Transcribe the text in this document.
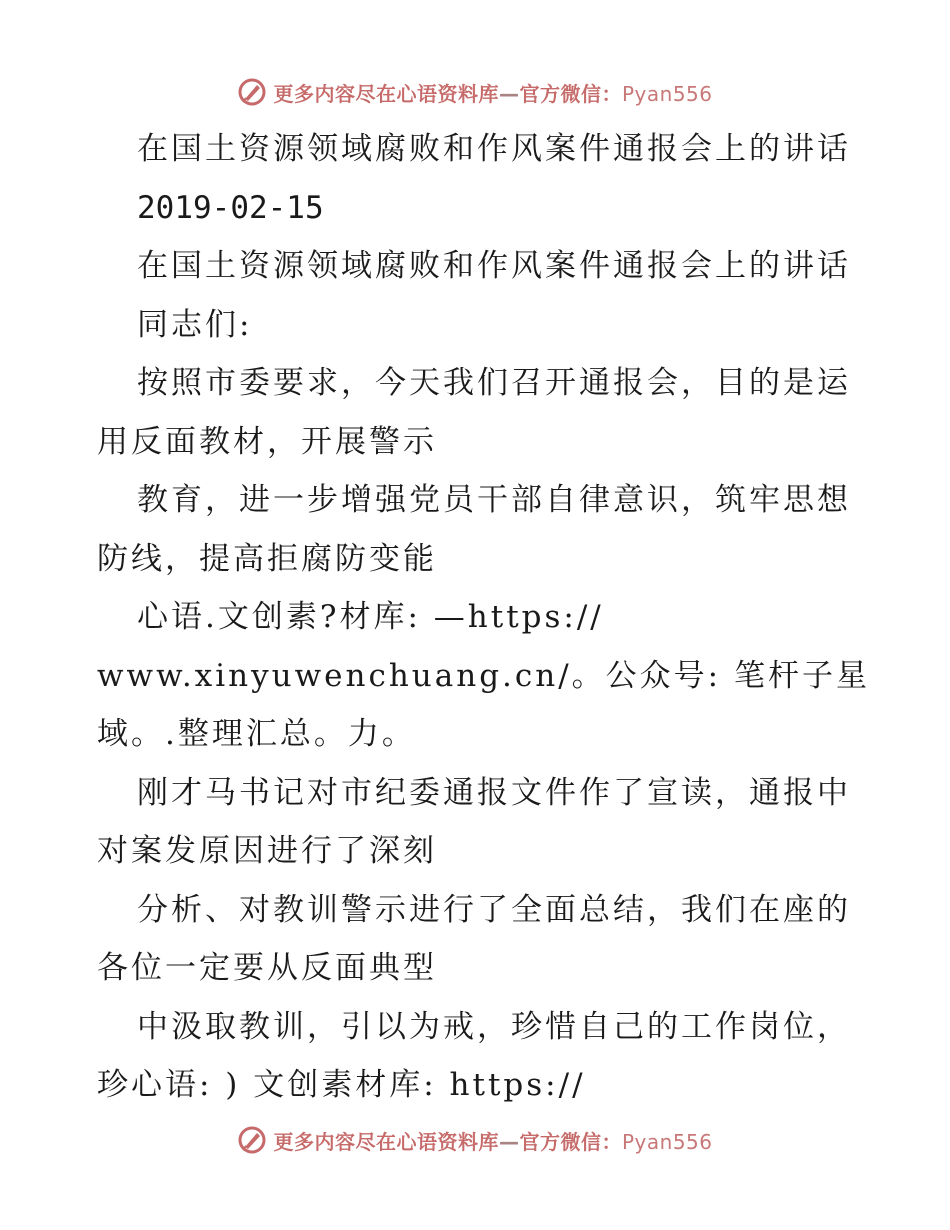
更多内容尽在心语资料库—官方微信：Pyan556
在国土资源领域腐败和作风案件通报会上的讲话
2019-02-15
在国土资源领域腐败和作风案件通报会上的讲话
同志们:
按照市委要求，今天我们召开通报会，目的是运
用反面教材，开展警示
教育，进一步增强党员干部自律意识，筑牢思想
防线，提高拒腐防变能
心语.文创素?材库: —https://
www.xinyuwenchuang.cn/。公众号: 笔杆子星
域。.整理汇总。力。
刚才马书记对市纪委通报文件作了宣读，通报中
对案发原因进行了深刻
分析、对教训警示进行了全面总结，我们在座的
各位一定要从反面典型
中汲取教训，引以为戒，珍惜自己的工作岗位，
珍心语: ) 文创素材库: https://
更多内容尽在心语资料库—官方微信：Pyan556
